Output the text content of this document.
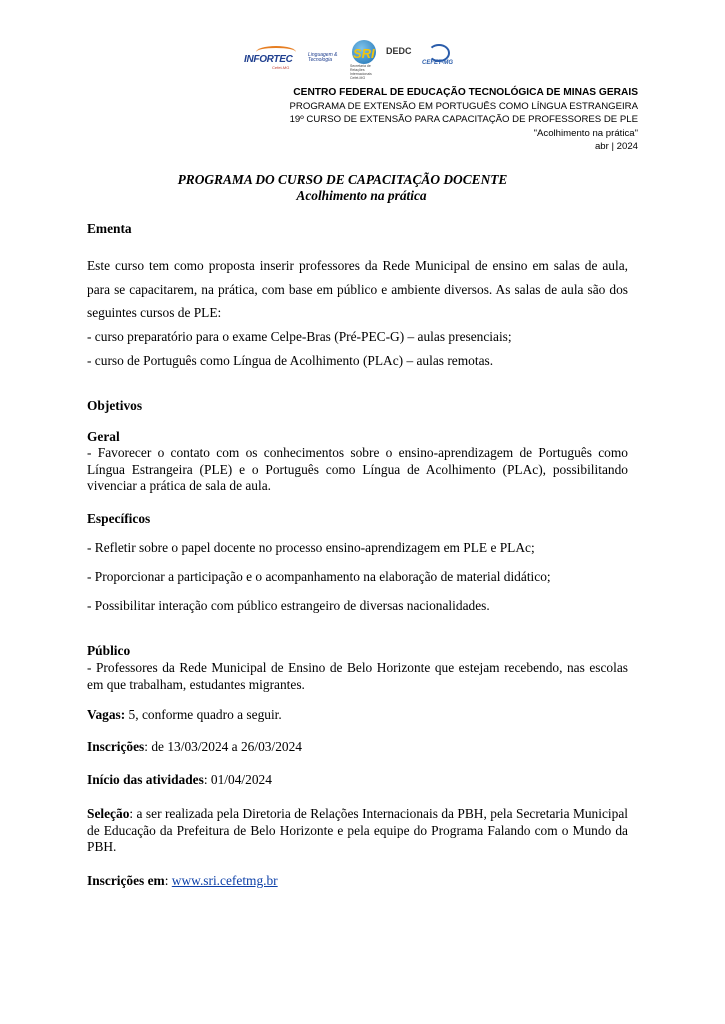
INFORTEC
Cefet-MG
Linguagem & Tecnologia	SRI
Secretaria de Relações Internacionais Cefet-MG
DEDC
CEFET-MG
CENTRO FEDERAL DE EDUCAÇÃO TECNOLÓGICA DE MINAS GERAIS
PROGRAMA DE EXTENSÃO EM PORTUGUÊS COMO LÍNGUA ESTRANGEIRA
19º CURSO DE EXTENSÃO PARA CAPACITAÇÃO DE PROFESSORES DE PLE
"Acolhimento na prática"
abr | 2024
PROGRAMA DO CURSO DE CAPACITAÇÃO DOCENTE
Acolhimento na prática
Ementa
Este curso tem como proposta inserir professores da Rede Municipal de ensino em salas de aula, para se capacitarem, na prática, com base em público e ambiente diversos. As salas de aula são dos seguintes cursos de PLE:
- curso preparatório para o exame Celpe-Bras (Pré-PEC-G) – aulas presenciais;
- curso de Português como Língua de Acolhimento (PLAc) – aulas remotas.
Objetivos
Geral
- Favorecer o contato com os conhecimentos sobre o ensino-aprendizagem de Português como Língua Estrangeira (PLE) e o Português como Língua de Acolhimento (PLAc), possibilitando vivenciar a prática de sala de aula.
Específicos
- Refletir sobre o papel docente no processo ensino-aprendizagem em PLE e PLAc;
- Proporcionar a participação e o acompanhamento na elaboração de material didático;
- Possibilitar interação com público estrangeiro de diversas nacionalidades.
Público
- Professores da Rede Municipal de Ensino de Belo Horizonte que estejam recebendo, nas escolas em que trabalham, estudantes migrantes.
Vagas: 5, conforme quadro a seguir.
Inscrições: de 13/03/2024 a 26/03/2024
Início das atividades: 01/04/2024
Seleção: a ser realizada pela Diretoria de Relações Internacionais da PBH, pela Secretaria Municipal de Educação da Prefeitura de Belo Horizonte e pela equipe do Programa Falando com o Mundo da PBH.
Inscrições em: www.sri.cefetmg.br
